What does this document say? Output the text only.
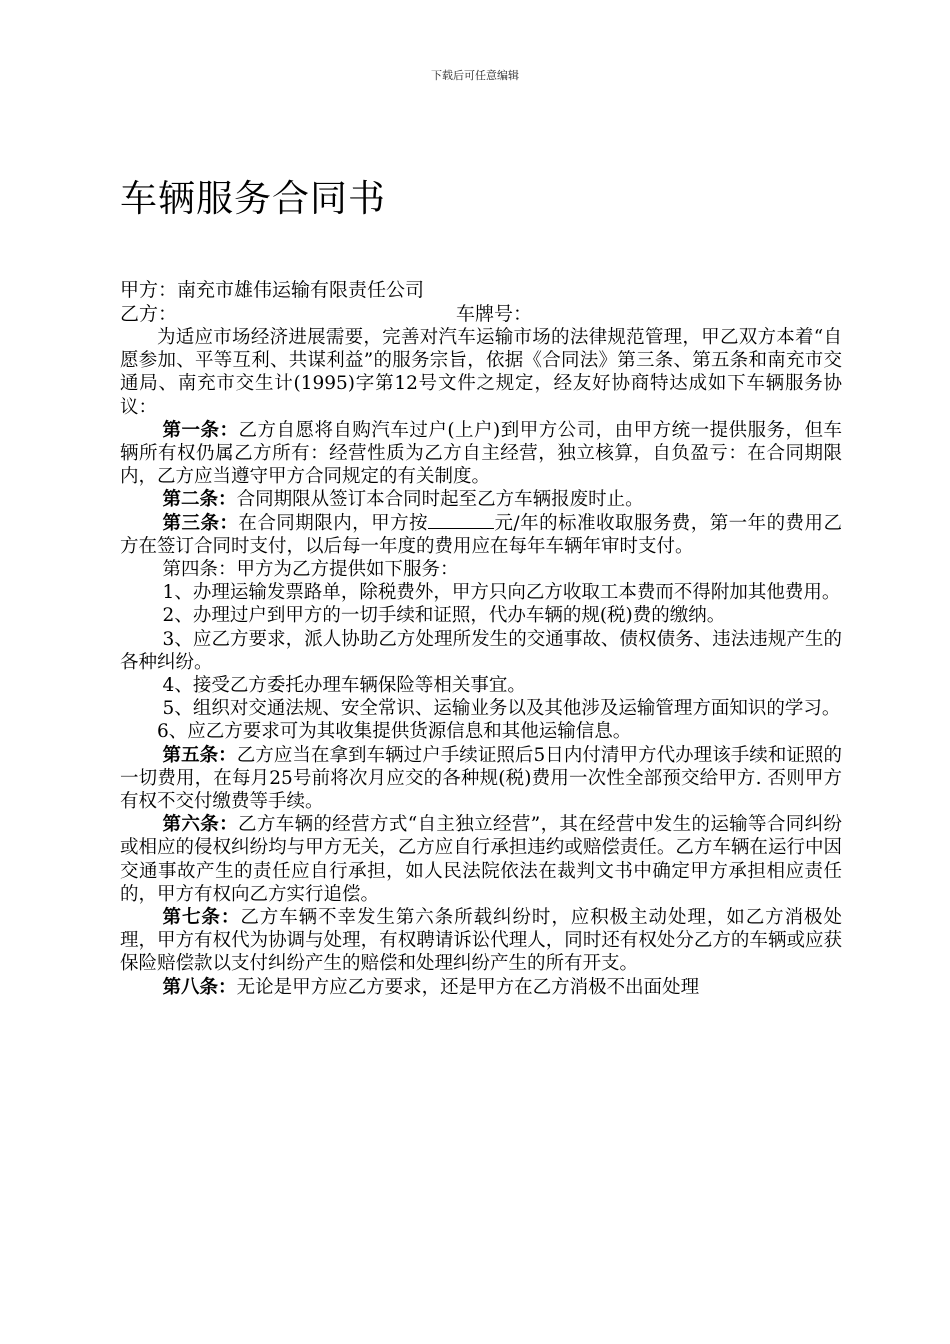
下载后可任意编辑
车辆服务合同书
甲方：南充市雄伟运输有限责任公司
乙方：	车牌号：

为适应市场经济进展需要，完善对汽车运输市场的法律规范管理，甲乙双方本着“自愿参加、平等互利、共谋利益”的服务宗旨，依据《合同法》第三条、第五条和南充市交通局、南充市交生计(1995)字第12号文件之规定，经友好协商特达成如下车辆服务协议：

第一条：乙方自愿将自购汽车过户(上户)到甲方公司，由甲方统一提供服务，但车辆所有权仍属乙方所有：经营性质为乙方自主经营，独立核算，自负盈亏：在合同期限内，乙方应当遵守甲方合同规定的有关制度。

第二条：合同期限从签订本合同时起至乙方车辆报废时止。

第三条：在合同期限内，甲方按	元/年的标准收取服务费，第一年的费用乙方在签订合同时支付，以后每一年度的费用应在每年车辆年审时支付。

第四条：甲方为乙方提供如下服务：

1、办理运输发票路单，除税费外，甲方只向乙方收取工本费而不得附加其他费用。

2、办理过户到甲方的一切手续和证照，代办车辆的规(税)费的缴纳。

3、应乙方要求，派人协助乙方处理所发生的交通事故、债权债务、违法违规产生的各种纠纷。

4、接受乙方委托办理车辆保险等相关事宜。

5、组织对交通法规、安全常识、运输业务以及其他涉及运输管理方面知识的学习。

6、应乙方要求可为其收集提供货源信息和其他运输信息。

第五条：乙方应当在拿到车辆过户手续证照后5日内付清甲方代办理该手续和证照的一切费用，在每月25号前将次月应交的各种规(税)费用一次性全部预交给甲方. 否则甲方有权不交付缴费等手续。

第六条：乙方车辆的经营方式“自主独立经营”，其在经营中发生的运输等合同纠纷或相应的侵权纠纷均与甲方无关，乙方应自行承担违约或赔偿责任。乙方车辆在运行中因交通事故产生的责任应自行承担，如人民法院依法在裁判文书中确定甲方承担相应责任的，甲方有权向乙方实行追偿。

第七条：乙方车辆不幸发生第六条所载纠纷时，应积极主动处理，如乙方消极处理，甲方有权代为协调与处理，有权聘请诉讼代理人，同时还有权处分乙方的车辆或应获保险赔偿款以支付纠纷产生的赔偿和处理纠纷产生的所有开支。

第八条：无论是甲方应乙方要求，还是甲方在乙方消极不出面处理
